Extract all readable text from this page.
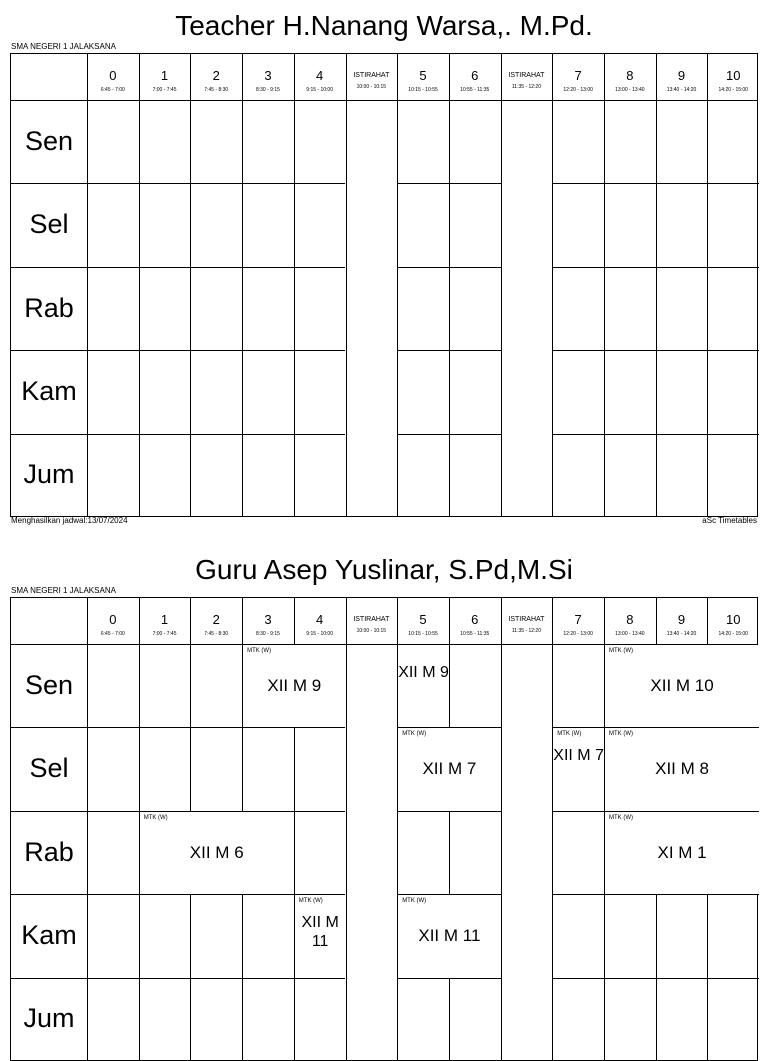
Teacher H.Nanang Warsa,. M.Pd.
SMA NEGERI 1 JALAKSANA
0
6:45 - 7:00
1
7:00 - 7:45
2
7:45 - 8:30
3
8:30 - 9:15
4
9:15 - 10:00
ISTIRAHAT
10:00 - 10:15
5
10:15 - 10:55
6
10:55 - 11:35
ISTIRAHAT
11:35 - 12:20
7
12:20 - 13:00
8
13:00 - 13:40
9
13:40 - 14:20
10
14:20 - 15:00
Sen
Sel
Rab
Kam
Jum
Menghasilkan jadwal:13/07/2024	aSc Timetables
Guru Asep Yuslinar, S.Pd,M.Si
SMA NEGERI 1 JALAKSANA
0
6:45 - 7:00
1
7:00 - 7:45
2
7:45 - 8:30
3
8:30 - 9:15
4
9:15 - 10:00
ISTIRAHAT
10:00 - 10:15
5
10:15 - 10:55
6
10:55 - 11:35
ISTIRAHAT
11:35 - 12:20
7
12:20 - 13:00
8
13:00 - 13:40
9
13:40 - 14:20
10
14:20 - 15:00
Sen
Sel
Rab
Kam
Jum
MTK (W)
XII M 9
XII M 9
MTK (W)
XII M 10
MTK (W)
XII M 7
MTK (W)
XII M 7
MTK (W)
XII M 8
MTK (W)
XII M 6
MTK (W)
XI M 1
MTK (W)
XII M 11
MTK (W)
XII M 11
